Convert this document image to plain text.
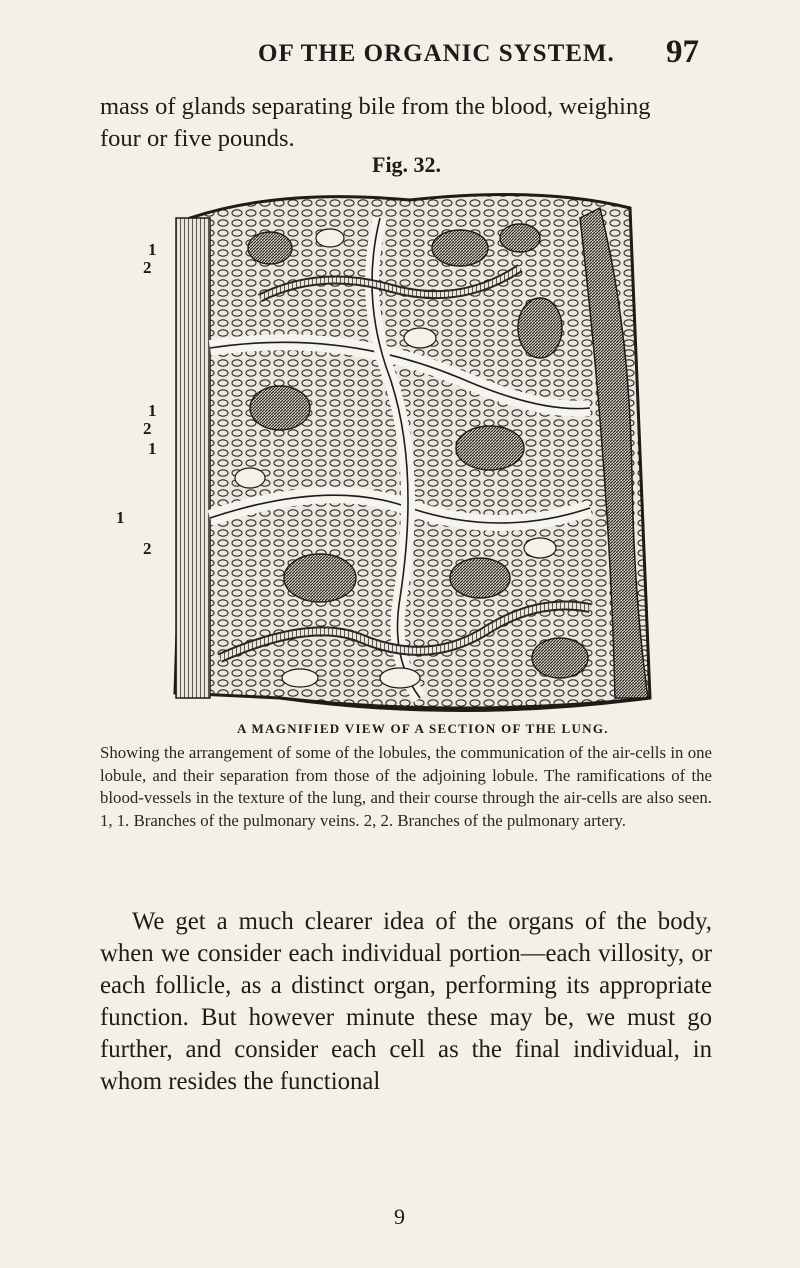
OF THE ORGANIC SYSTEM. 97
mass of glands separating bile from the blood, weighing
four or five pounds.
Fig. 32.
1
2
1
2
1
1
2
A MAGNIFIED VIEW OF A SECTION OF THE LUNG.
Showing the arrangement of some of the lobules, the communication of the air-cells in one lobule, and their separation from those of the adjoining lobule. The ramifications of the blood-vessels in the texture of the lung, and their course through the air-cells are also seen. 1, 1. Branches of the pulmonary veins. 2, 2. Branches of the pulmonary artery.
We get a much clearer idea of the organs of the body, when we consider each individual portion—each villosity, or each follicle, as a distinct organ, performing its appropriate function. But however minute these may be, we must go further, and consider each cell as the final individual, in whom resides the functional
9
